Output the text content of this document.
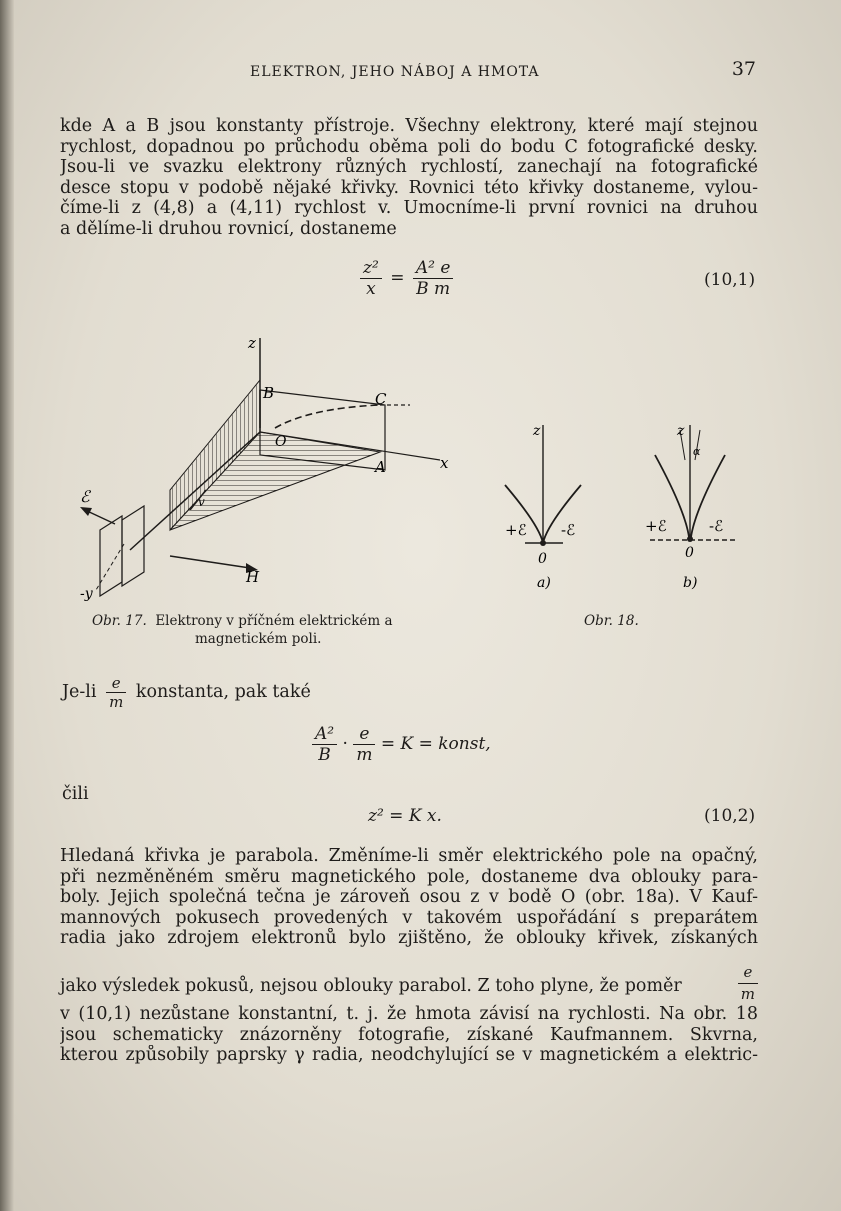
ELEKTRON, JEHO NÁBOJ A HMOTA	37
kde A a B jsou konstanty přístroje. Všechny elektrony, které mají stejnou
rychlost, dopadnou po průchodu oběma poli do bodu C fotografické desky.
Jsou-li ve svazku elektrony různých rychlostí, zanechají na fotografické
desce stopu v podobě nějaké křivky. Rovnici této křivky dostaneme, vylou-
číme-li z (4,8) a (4,11) rychlost v. Umocníme-li první rovnici na druhou
a dělíme-li druhou rovnicí, dostaneme
$\frac{\text{z²}}{x} = \frac{\text{A² e}}{\text{B m}}$	(10,1)
z
B	C
O
A	x
ℰ	v
H
-y
Obr. 17. Elektrony v příčném elektrickém a
magnetickém poli.
z
+ℰ -ℰ
0
a)
z
α
+ℰ	-ℰ
0
b)
Obr. 18.
$Je-li \frac{e}{m}$ konstanta, pak také
$\frac{\text{A²}}{B} \cdot \frac{e}{m} = K$ = konst,
čili
z² = K x.	(10,2)
Hledaná křivka je parabola. Změníme-li směr elektrického pole na opačný,
při nezměněném směru magnetického pole, dostaneme dva oblouky para-
boly. Jejich společná tečna je zároveň osou z v bodě O (obr. 18a). V Kauf-
mannových pokusech provedených v takovém uspořádání s preparátem
radia jako zdrojem elektronů bylo zjištěno, že oblouky křivek, získaných
jako výsledek pokusů, nejsou oblouky parabol. Z toho plyne, že poměr	$\frac{e}{m}$
v (10,1) nezůstane konstantní, t. j. že hmota závisí na rychlosti. Na obr. 18
jsou schematicky znázorněny fotografie, získané Kaufmannem. Skvrna,
kterou způsobily paprsky γ radia, neodchylující se v magnetickém a elektric-
